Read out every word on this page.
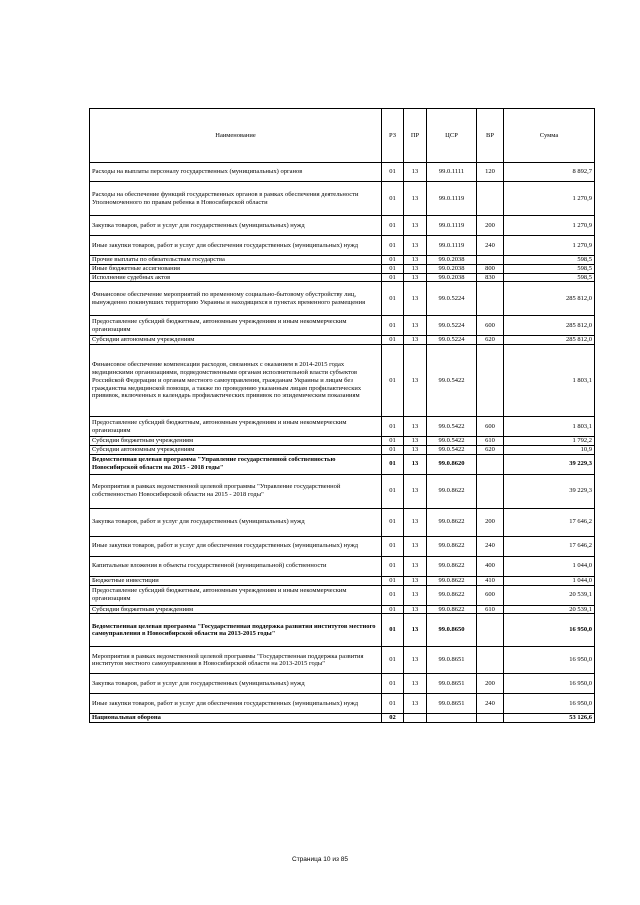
Наименование	РЗ	ПР	ЦСР	ВР	Сумма
Расходы на выплаты персоналу государственных (муниципальных) органов	01	13	99.0.1111	120	8 892,7
Расходы на обеспечение функций государственных органов в рамках обеспечения деятельности Уполномоченного по правам ребенка в Новосибирской области	01	13	99.0.1119		1 270,9
Закупка товаров, работ и услуг для государственных (муниципальных) нужд	01	13	99.0.1119	200	1 270,9
Иные закупки товаров, работ и услуг для обеспечения государственных (муниципальных) нужд	01	13	99.0.1119	240	1 270,9
Прочие выплаты по обязательствам государства	01	13	99.0.2038		598,5
Иные бюджетные ассигнования	01	13	99.0.2038	800	598,5
Исполнение судебных актов	01	13	99.0.2038	830	598,5
Финансовое обеспечение мероприятий по временному социально-бытовому обустройству лиц, вынужденно покинувших территорию Украины и находящихся в пунктах временного размещения	01	13	99.0.5224		285 812,0
Предоставление субсидий бюджетным, автономным учреждениям и иным некоммерческим организациям	01	13	99.0.5224	600	285 812,0
Субсидии автономным учреждениям	01	13	99.0.5224	620	285 812,0
Финансовое обеспечение компенсации расходов, связанных с оказанием в 2014-2015 годах медицинскими организациями, подведомственными органам исполнительной власти субъектов Российской Федерации и органам местного самоуправления, гражданам Украины и лицам без гражданства медицинской помощи, а также по проведению указанным лицам профилактических прививок, включенных в календарь профилактических прививок по эпидемическим показаниям	01	13	99.0.5422		1 803,1
Предоставление субсидий бюджетным, автономным учреждениям и иным некоммерческим организациям	01	13	99.0.5422	600	1 803,1
Субсидии бюджетным учреждениям	01	13	99.0.5422	610	1 792,2
Субсидии автономным учреждениям	01	13	99.0.5422	620	10,9
Ведомственная целевая программа "Управление государственной собственностью Новосибирской области на 2015 - 2018 годы"	01	13	99.0.8620		39 229,3
Мероприятия в рамках ведомственной целевой программы "Управление государственной собственностью Новосибирской области на 2015 - 2018 годы"	01	13	99.0.8622		39 229,3
Закупка товаров, работ и услуг для государственных (муниципальных) нужд	01	13	99.0.8622	200	17 646,2
Иные закупки товаров, работ и услуг для обеспечения государственных (муниципальных) нужд	01	13	99.0.8622	240	17 646,2
Капитальные вложения в объекты государственной (муниципальной) собственности	01	13	99.0.8622	400	1 044,0
Бюджетные инвестиции	01	13	99.0.8622	410	1 044,0
Предоставление субсидий бюджетным, автономным учреждениям и иным некоммерческим организациям	01	13	99.0.8622	600	20 539,1
Субсидии бюджетным учреждениям	01	13	99.0.8622	610	20 539,1
Ведомственная целевая программа "Государственная поддержка развития институтов местного самоуправления в Новосибирской области на 2013-2015 годы"	01	13	99.0.8650		16 950,0
Мероприятия в рамках ведомственной целевой программы "Государственная поддержка развития институтов местного самоуправления в Новосибирской области на 2013-2015 годы"	01	13	99.0.8651		16 950,0
Закупка товаров, работ и услуг для государственных (муниципальных) нужд	01	13	99.0.8651	200	16 950,0
Иные закупки товаров, работ и услуг для обеспечения государственных (муниципальных) нужд	01	13	99.0.8651	240	16 950,0
Национальная оборона	02				53 126,6
Страница 10 из 85
